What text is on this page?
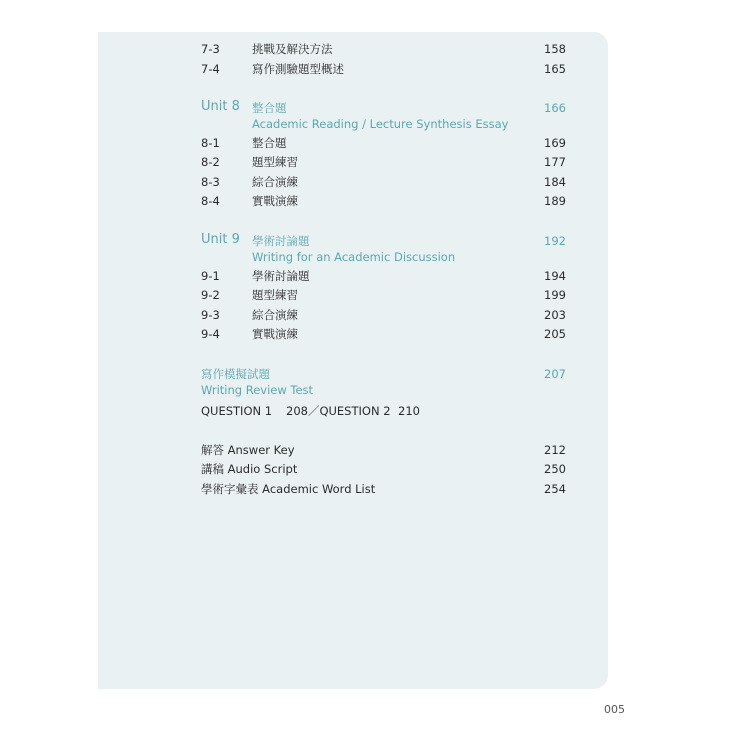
7-3	挑戰及解決方法	158
7-4	寫作測驗題型概述	165
Unit 8 整合題	166
Academic Reading / Lecture Synthesis Essay
8-1	整合題	169
8-2	題型練習	177
8-3	綜合演練	184
8-4	實戰演練	189
Unit 9 學術討論題	192
Writing for an Academic Discussion
9-1	學術討論題	194
9-2	題型練習	199
9-3	綜合演練	203
9-4	實戰演練	205
寫作模擬試題	207
Writing Review Test
QUESTION 1 208／QUESTION 2 210
解答 Answer Key	212
講稿 Audio Script	250
學術字彙表 Academic Word List	254
005
